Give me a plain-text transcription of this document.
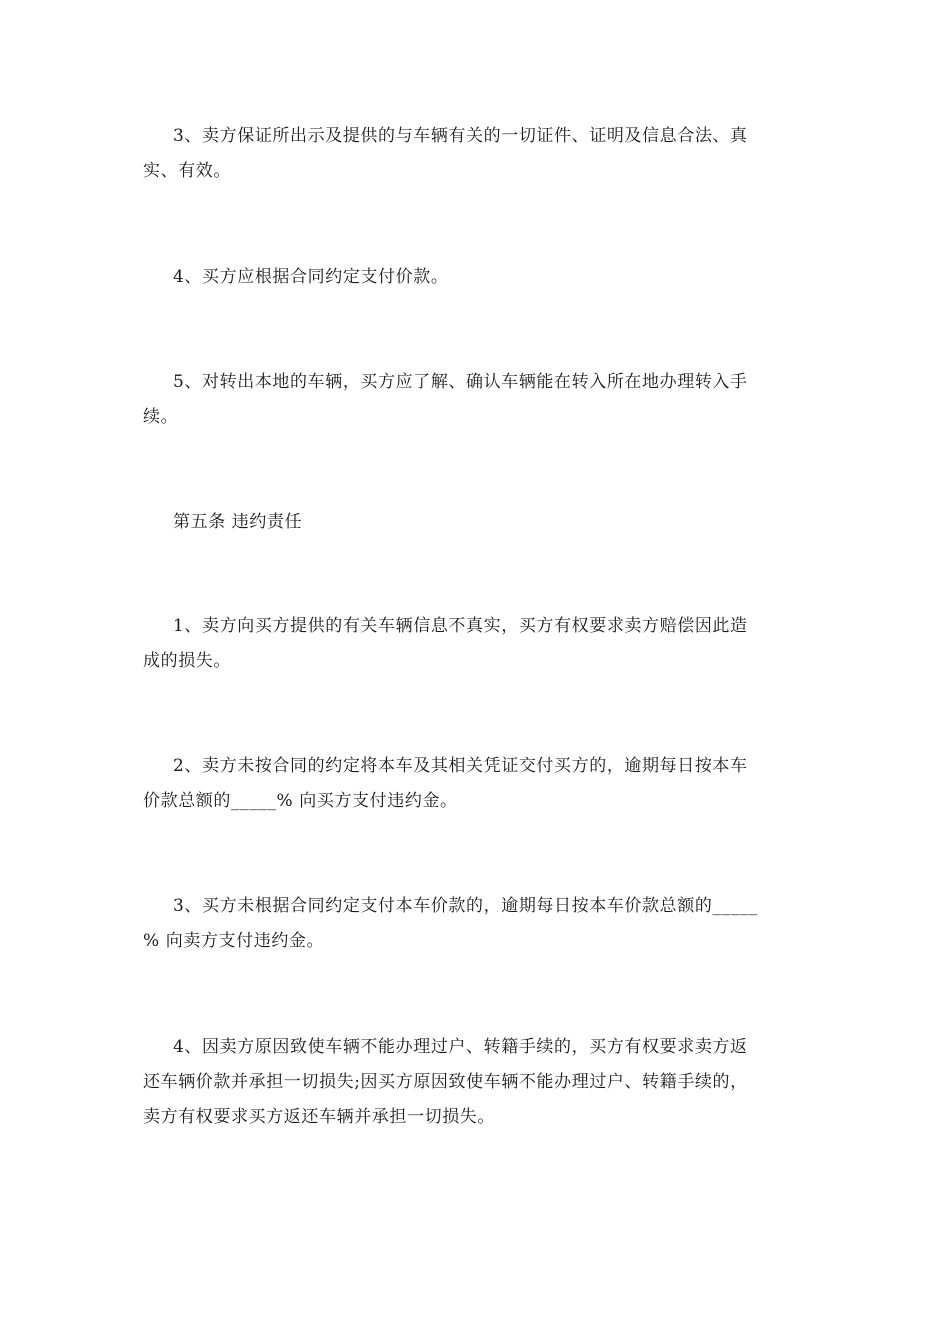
3、卖方保证所出示及提供的与车辆有关的一切证件、证明及信息合法、真
实、有效。

4、买方应根据合同约定支付价款。

5、对转出本地的车辆，买方应了解、确认车辆能在转入所在地办理转入手
续。

第五条 违约责任

1、卖方向买方提供的有关车辆信息不真实，买方有权要求卖方赔偿因此造
成的损失。

2、卖方未按合同的约定将本车及其相关凭证交付买方的，逾期每日按本车
价款总额的_____% 向买方支付违约金。

3、买方未根据合同约定支付本车价款的，逾期每日按本车价款总额的_____
% 向卖方支付违约金。

4、因卖方原因致使车辆不能办理过户、转籍手续的，买方有权要求卖方返
还车辆价款并承担一切损失;因买方原因致使车辆不能办理过户、转籍手续的，
卖方有权要求买方返还车辆并承担一切损失。
